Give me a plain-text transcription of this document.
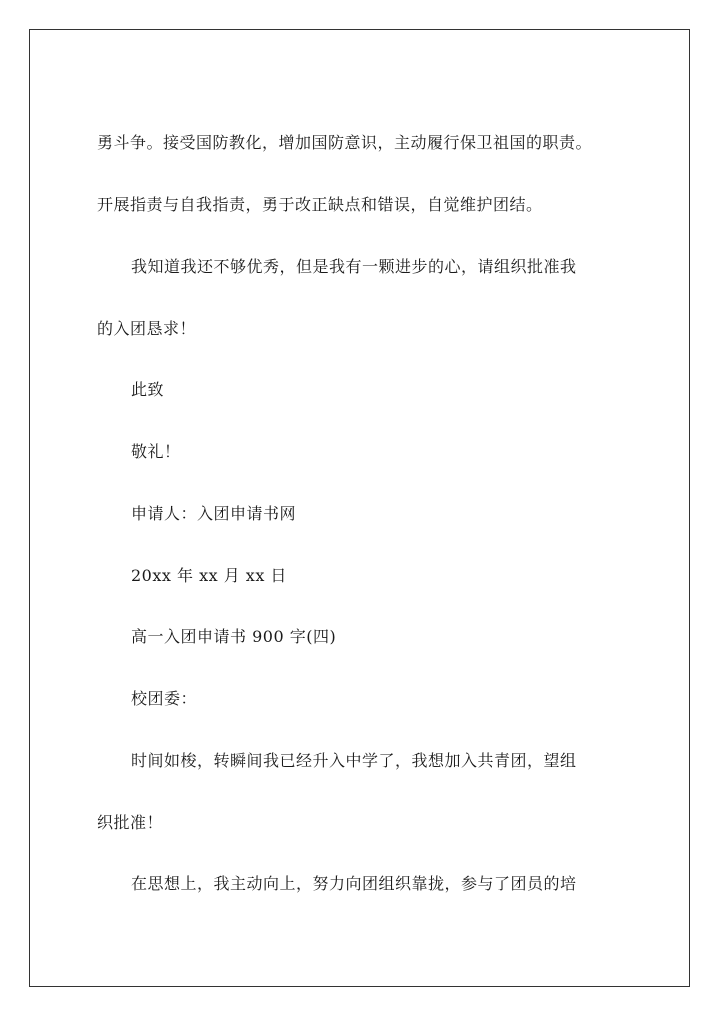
勇斗争。接受国防教化，增加国防意识，主动履行保卫祖国的职责。
开展指责与自我指责，勇于改正缺点和错误，自觉维护团结。
我知道我还不够优秀，但是我有一颗进步的心，请组织批准我
的入团恳求！
此致
敬礼！
申请人：入团申请书网
20xx 年 xx 月 xx 日
高一入团申请书 900 字(四)
校团委：
时间如梭，转瞬间我已经升入中学了，我想加入共青团，望组
织批准！
在思想上，我主动向上，努力向团组织靠拢，参与了团员的培
